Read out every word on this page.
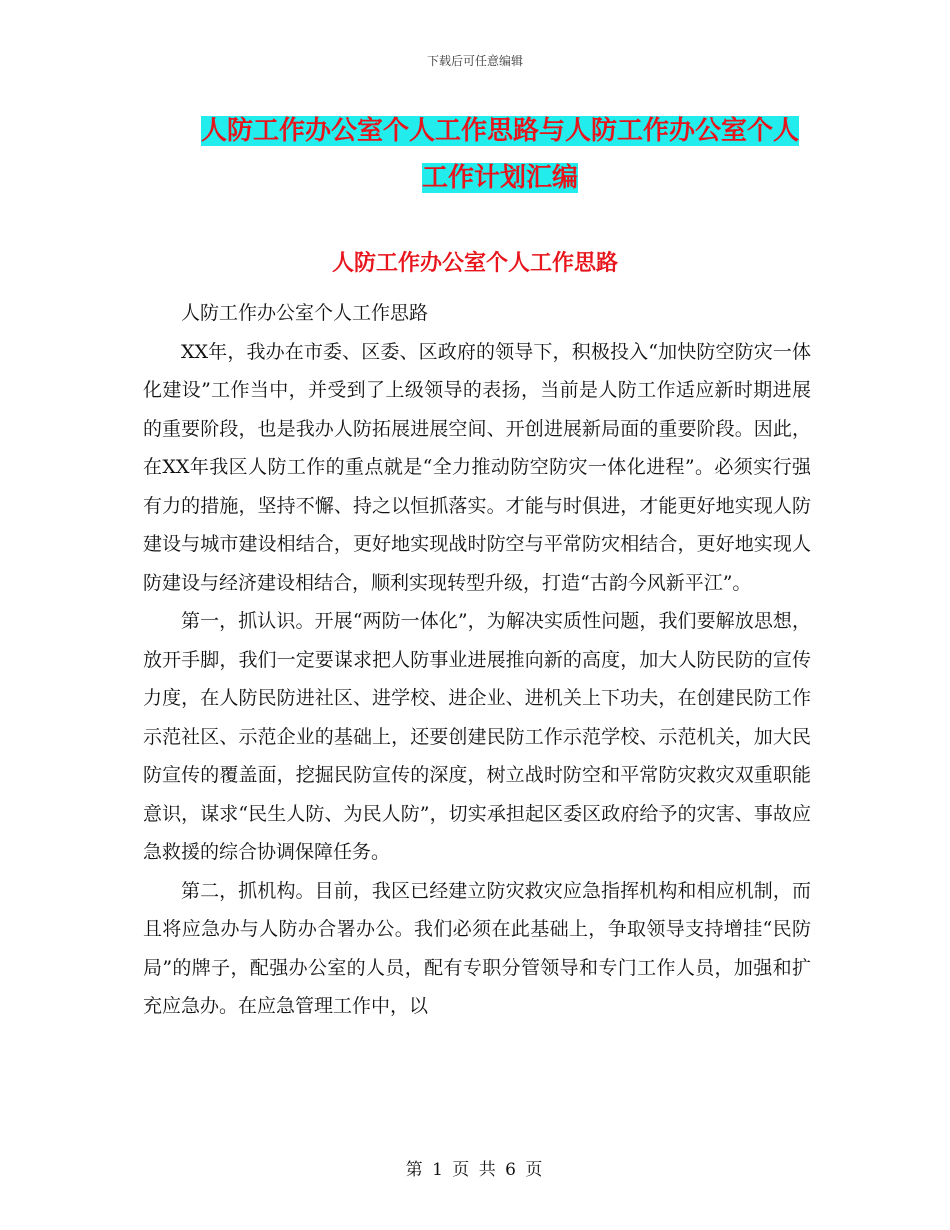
下载后可任意编辑
人防工作办公室个人工作思路与人防工作办公室个人
工作计划汇编
人防工作办公室个人工作思路

人防工作办公室个人工作思路

XX年，我办在市委、区委、区政府的领导下，积极投入“加快防空防灾一体化建设”工作当中，并受到了上级领导的表扬，当前是人防工作适应新时期进展的重要阶段，也是我办人防拓展进展空间、开创进展新局面的重要阶段。因此，在XX年我区人防工作的重点就是“全力推动防空防灾一体化进程”。必须实行强有力的措施，坚持不懈、持之以恒抓落实。才能与时俱进，才能更好地实现人防建设与城市建设相结合，更好地实现战时防空与平常防灾相结合，更好地实现人防建设与经济建设相结合，顺利实现转型升级，打造“古韵今风新平江”。

第一，抓认识。开展“两防一体化”，为解决实质性问题，我们要解放思想，放开手脚，我们一定要谋求把人防事业进展推向新的高度，加大人防民防的宣传力度，在人防民防进社区、进学校、进企业、进机关上下功夫，在创建民防工作示范社区、示范企业的基础上，还要创建民防工作示范学校、示范机关，加大民防宣传的覆盖面，挖掘民防宣传的深度，树立战时防空和平常防灾救灾双重职能意识，谋求“民生人防、为民人防”，切实承担起区委区政府给予的灾害、事故应急救援的综合协调保障任务。

第二，抓机构。目前，我区已经建立防灾救灾应急指挥机构和相应机制，而且将应急办与人防办合署办公。我们必须在此基础上，争取领导支持增挂“民防局”的牌子，配强办公室的人员，配有专职分管领导和专门工作人员，加强和扩充应急办。在应急管理工作中，以

第 1 页 共 6 页
